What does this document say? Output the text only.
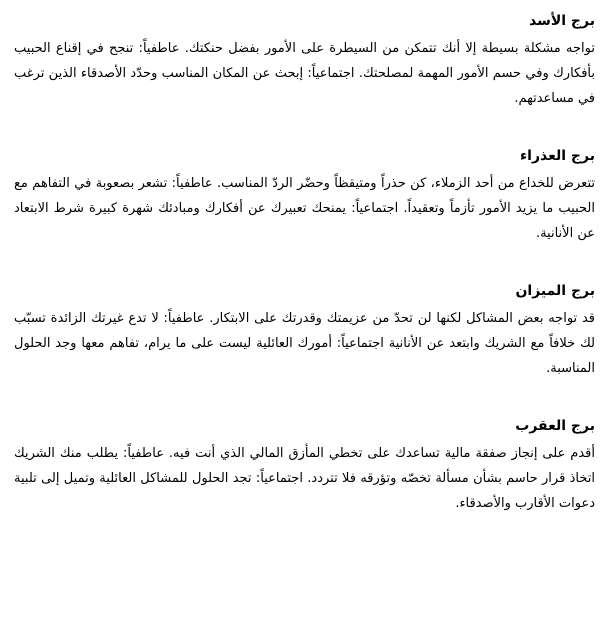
برج الأسد

تواجه مشكلة بسيطة إلا أنك تتمكن من السيطرة على الأمور بفضل حنكتك. عاطفياً: تنجح في إقناع الحبيب بأفكارك وفي حسم الأمور المهمة لمصلحتك. اجتماعياً: إبحث عن المكان المناسب وحدّد الأصدقاء الذين ترغب في مساعدتهم.

برج العذراء

تتعرض للخداع من أحد الزملاء، كن حذراً ومتيقظاً وحضّر الردّ المناسب. عاطفياً: تشعر بصعوبة في التفاهم مع الحبيب ما يزيد الأمور تأزماً وتعقيداً. اجتماعياً: يمنحك تعبيرك عن أفكارك ومبادئك شهرة كبيرة شرط الابتعاد عن الأنانية.

برج الميزان

قد تواجه بعض المشاكل لكنها لن تحدّ من عزيمتك وقدرتك على الابتكار. عاطفياً: لا تدع غيرتك الزائدة تسبّب لك خلافاً مع الشريك وابتعد عن الأنانية اجتماعياً: أمورك العائلية ليست على ما يرام، تفاهم معها وجد الحلول المناسبة.

برج العقرب

أقدم على إنجاز صفقة مالية تساعدك على تخطي المأزق المالي الذي أنت فيه. عاطفياً: يطلب منك الشريك اتخاذ قرار حاسم بشأن مسألة تخصّه وتؤرقه فلا تتردد. اجتماعياً: تجد الحلول للمشاكل العائلية وتميل إلى تلبية دعوات الأقارب والأصدقاء.
